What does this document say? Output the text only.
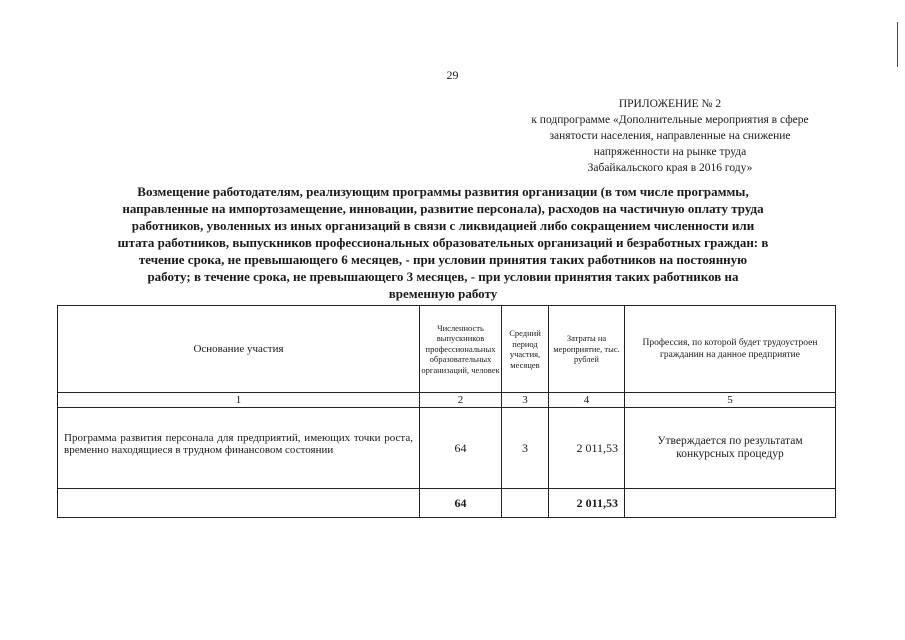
29
ПРИЛОЖЕНИЕ № 2
к подпрограмме «Дополнительные мероприятия в сфере
занятости населения, направленные на снижение
напряженности на рынке труда
Забайкальского края в 2016 году»
Возмещение работодателям, реализующим программы развития организации (в том числе программы,
направленные на импортозамещение, инновации, развитие персонала), расходов на частичную оплату труда
работников, уволенных из иных организаций в связи с ликвидацией либо сокращением численности или
штата работников, выпускников профессиональных образовательных организаций и безработных граждан: в
течение срока, не превышающего 6 месяцев, - при условии принятия таких работников на постоянную
работу; в течение срока, не превышающего 3 месяцев, - при условии принятия таких работников на
временную работу
Основание участия	Численность выпускников профессиональных образовательных организаций, человек	Средний период участия, месяцев	Затраты на мероприятие, тыс. рублей	Профессия, по которой будет трудоустроен гражданин на данное предприятие
1	2	3	4	5
Программа развития персонала для предприятий, имеющих точки роста, временно находящиеся в трудном финансовом состоянии	64	3	2 011,53	Утверждается по результатам конкурсных процедур
	64		2 011,53	
